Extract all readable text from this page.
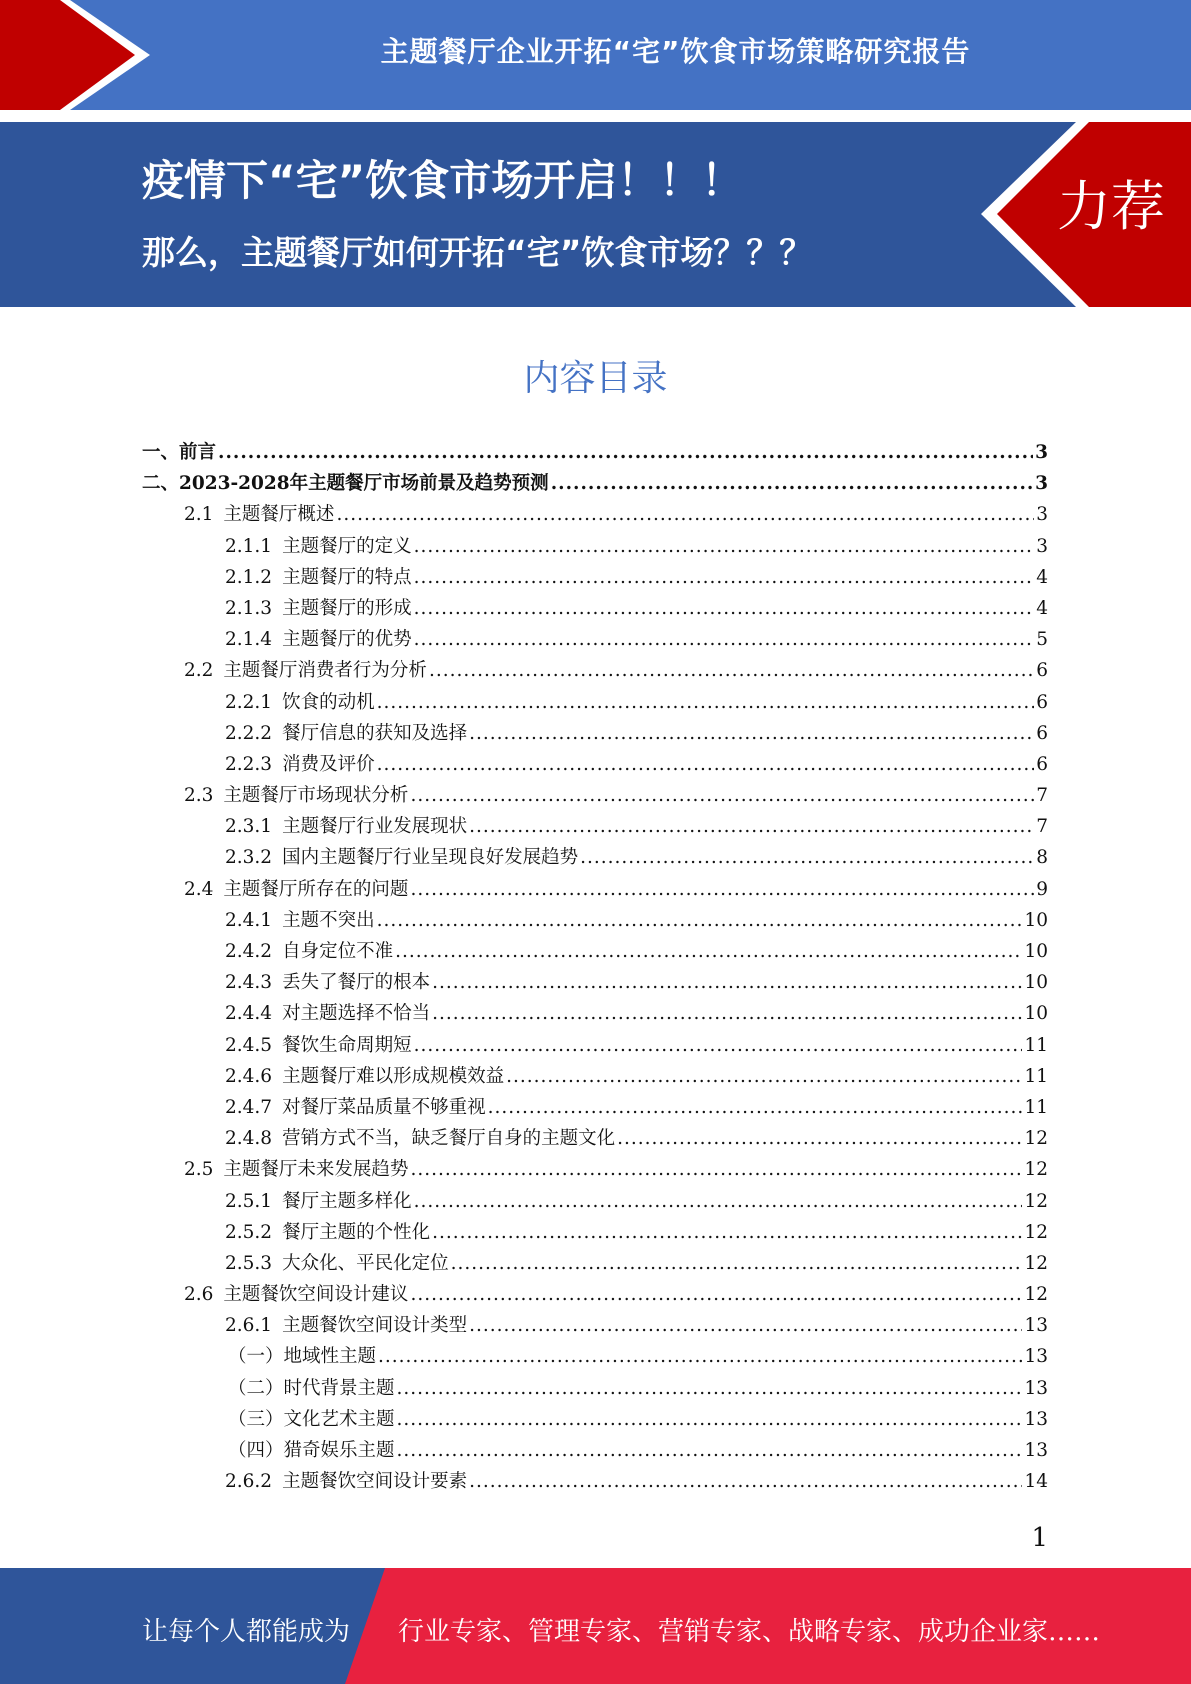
主题餐厅企业开拓“宅”饮食市场策略研究报告
疫情下“宅”饮食市场开启！！！
那么，主题餐厅如何开拓“宅”饮食市场？？？
力荐
内容目录
一、 前言 .....	3
二、 2023-2028年主题餐厅市场前景及趋势预测 .....	3
2.1 主题餐厅概述 .....	3
2.1.1 主题餐厅的定义 .....	3
2.1.2 主题餐厅的特点 .....	4
2.1.3 主题餐厅的形成 .....	4
2.1.4 主题餐厅的优势 .....	5
2.2 主题餐厅消费者行为分析 .....	6
2.2.1 饮食的动机 .....	6
2.2.2 餐厅信息的获知及选择 .....	6
2.2.3 消费及评价 .....	6
2.3 主题餐厅市场现状分析 .....	7
2.3.1 主题餐厅行业发展现状 .....	7
2.3.2 国内主题餐厅行业呈现良好发展趋势 .....	8
2.4 主题餐厅所存在的问题 .....	9
2.4.1 主题不突出 .....	10
2.4.2 自身定位不准 .....	10
2.4.3 丢失了餐厅的根本 .....	10
2.4.4 对主题选择不恰当 .....	10
2.4.5 餐饮生命周期短 .....	11
2.4.6 主题餐厅难以形成规模效益 .....	11
2.4.7 对餐厅菜品质量不够重视 .....	11
2.4.8 营销方式不当，缺乏餐厅自身的主题文化 .....	12
2.5 主题餐厅未来发展趋势 .....	12
2.5.1 餐厅主题多样化 .....	12
2.5.2 餐厅主题的个性化 .....	12
2.5.3 大众化、平民化定位 .....	12
2.6 主题餐饮空间设计建议 .....	12
2.6.1 主题餐饮空间设计类型 .....	13
（一）地域性主题 .....	13
（二）时代背景主题 .....	13
（三）文化艺术主题 .....	13
（四）猎奇娱乐主题 .....	13
2.6.2 主题餐饮空间设计要素 .....	14
1
让每个人都能成为 行业专家、管理专家、营销专家、战略专家、成功企业家……
